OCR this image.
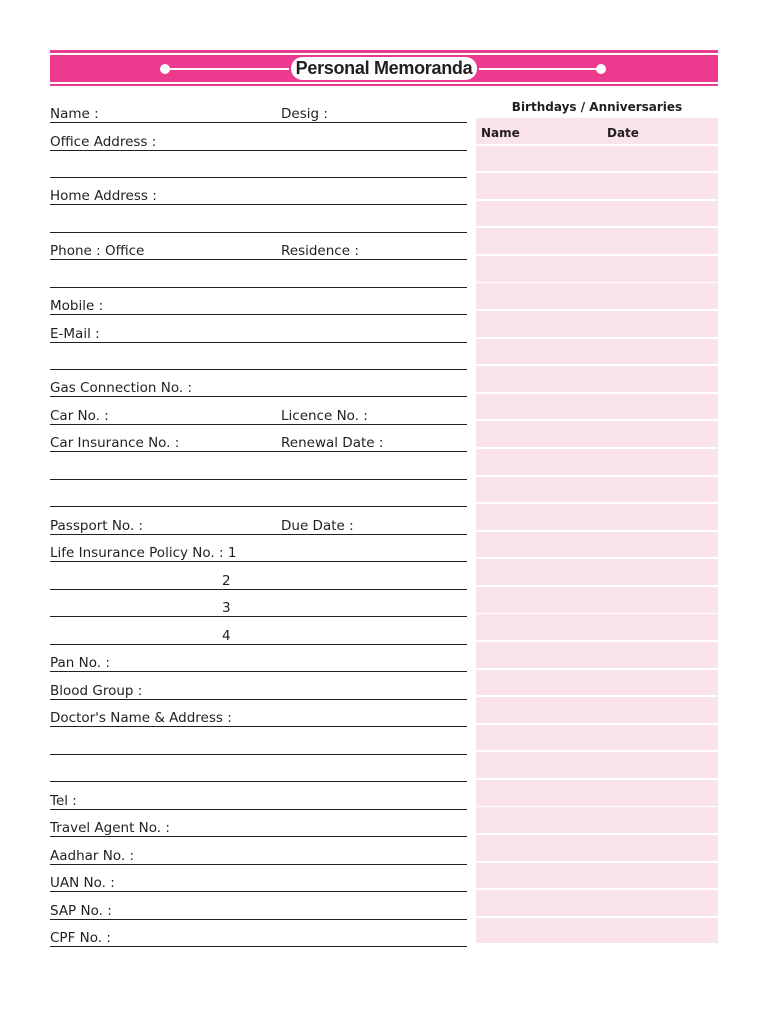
Personal Memoranda
Name :	Desig :
Office Address :
Home Address :
Phone : Office	Residence :
Mobile :
E-Mail :
Gas Connection No. :
Car No. :	Licence No. :
Car Insurance No. :	Renewal Date :
Passport No. :	Due Date :
Life Insurance Policy No. : 1
2
3
4
Pan No. :
Blood Group :
Doctor's Name & Address :
Tel :
Travel Agent No. :
Aadhar No. :
UAN No. :
SAP No. :
CPF No. :
Birthdays / Anniversaries
Name	Date
